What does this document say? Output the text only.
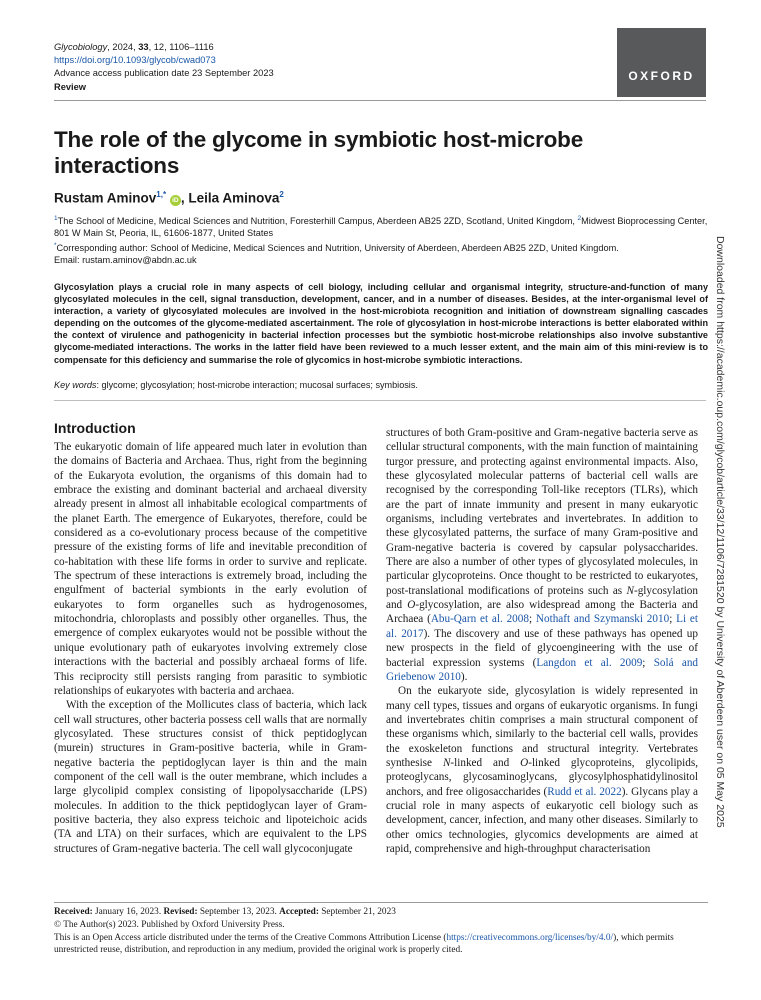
Glycobiology, 2024, 33, 12, 1106–1116
https://doi.org/10.1093/glycob/cwad073
Advance access publication date 23 September 2023
Review
OXFORD
The role of the glycome in symbiotic host-microbe interactions
Rustam Aminov$^{1,*}$ iD , Leila Aminova$^2$
$^1$The School of Medicine, Medical Sciences and Nutrition, Foresterhill Campus, Aberdeen AB25 2ZD, Scotland, United Kingdom, $^2$Midwest Bioprocessing Center, 801 W Main St, Peoria, IL, 61606-1877, United States
*Corresponding author: School of Medicine, Medical Sciences and Nutrition, University of Aberdeen, Aberdeen AB25 2ZD, United Kingdom.
Email: rustam.aminov@abdn.ac.uk
Glycosylation plays a crucial role in many aspects of cell biology, including cellular and organismal integrity, structure-and-function of many glycosylated molecules in the cell, signal transduction, development, cancer, and in a number of diseases. Besides, at the inter-organismal level of interaction, a variety of glycosylated molecules are involved in the host-microbiota recognition and initiation of downstream signalling cascades depending on the outcomes of the glycome-mediated ascertainment. The role of glycosylation in host-microbe interactions is better elaborated within the context of virulence and pathogenicity in bacterial infection processes but the symbiotic host-microbe relationships also involve substantive glycome-mediated interactions. The works in the latter field have been reviewed to a much lesser extent, and the main aim of this mini-review is to compensate for this deficiency and summarise the role of glycomics in host-microbe symbiotic interactions.
Key words: glycome; glycosylation; host-microbe interaction; mucosal surfaces; symbiosis.
Introduction

The eukaryotic domain of life appeared much later in evolution than the domains of Bacteria and Archaea. Thus, right from the beginning of the Eukaryota evolution, the organisms of this domain had to embrace the existing and dominant bacterial and archaeal diversity already present in almost all inhabitable ecological compartments of the planet Earth. The emergence of Eukaryotes, therefore, could be considered as a co-evolutionary process because of the competitive pressure of the existing forms of life and inevitable precondition of co-habitation with these life forms in order to survive and replicate. The spectrum of these interactions is extremely broad, including the engulfment of bacterial symbionts in the early evolution of eukaryotes to form organelles such as hydrogenosomes, mitochondria, chloroplasts and possibly other organelles. Thus, the emergence of complex eukaryotes would not be possible without the unique evolutionary path of eukaryotes involving extremely close interactions with the bacterial and possibly archaeal forms of life. This reciprocity still persists ranging from parasitic to symbiotic relationships of eukaryotes with bacteria and archaea.

With the exception of the Mollicutes class of bacteria, which lack cell wall structures, other bacteria possess cell walls that are normally glycosylated. These structures consist of thick peptidoglycan (murein) structures in Gram-positive bacteria, while in Gram-negative bacteria the peptidoglycan layer is thin and the main component of the cell wall is the outer membrane, which includes a large glycolipid complex consisting of lipopolysaccharide (LPS) molecules. In addition to the thick peptidoglycan layer of Gram-positive bacteria, they also express teichoic and lipoteichoic acids (TA and LTA) on their surfaces, which are equivalent to the LPS structures of Gram-negative bacteria. The cell wall glycoconjugate

structures of both Gram-positive and Gram-negative bacteria serve as cellular structural components, with the main function of maintaining turgor pressure, and protecting against environmental impacts. Also, these glycosylated molecular patterns of bacterial cell walls are recognised by the corresponding Toll-like receptors (TLRs), which are the part of innate immunity and present in many eukaryotic organisms, including vertebrates and invertebrates. In addition to these glycosylated patterns, the surface of many Gram-positive and Gram-negative bacteria is covered by capsular polysaccharides. There are also a number of other types of glycosylated molecules, in particular glycoproteins. Once thought to be restricted to eukaryotes, post-translational modifications of proteins such as N-glycosylation and O-glycosylation, are also widespread among the Bacteria and Archaea (Abu-Qarn et al. 2008; Nothaft and Szymanski 2010; Li et al. 2017). The discovery and use of these pathways has opened up new prospects in the field of glycoengineering with the use of bacterial expression systems (Langdon et al. 2009; Solá and Griebenow 2010).

On the eukaryote side, glycosylation is widely represented in many cell types, tissues and organs of eukaryotic organisms. In fungi and invertebrates chitin comprises a main structural component of these organisms which, similarly to the bacterial cell walls, provides the exoskeleton functions and structural integrity. Vertebrates synthesise N-linked and O-linked glycoproteins, glycolipids, proteoglycans, glycosaminoglycans, glycosylphosphatidylinositol anchors, and free oligosaccharides (Rudd et al. 2022). Glycans play a crucial role in many aspects of eukaryotic cell biology such as development, cancer, infection, and many other diseases. Similarly to other omics technologies, glycomics developments are aimed at rapid, comprehensive and high-throughput characterisation

Received: January 16, 2023. Revised: September 13, 2023. Accepted: September 21, 2023
© The Author(s) 2023. Published by Oxford University Press.
This is an Open Access article distributed under the terms of the Creative Commons Attribution License (https://creativecommons.org/licenses/by/4.0/), which permits unrestricted reuse, distribution, and reproduction in any medium, provided the original work is properly cited.
Downloaded from https://academic.oup.com/glycob/article/33/12/1106/7281520 by University of Aberdeen user on 05 May 2025
